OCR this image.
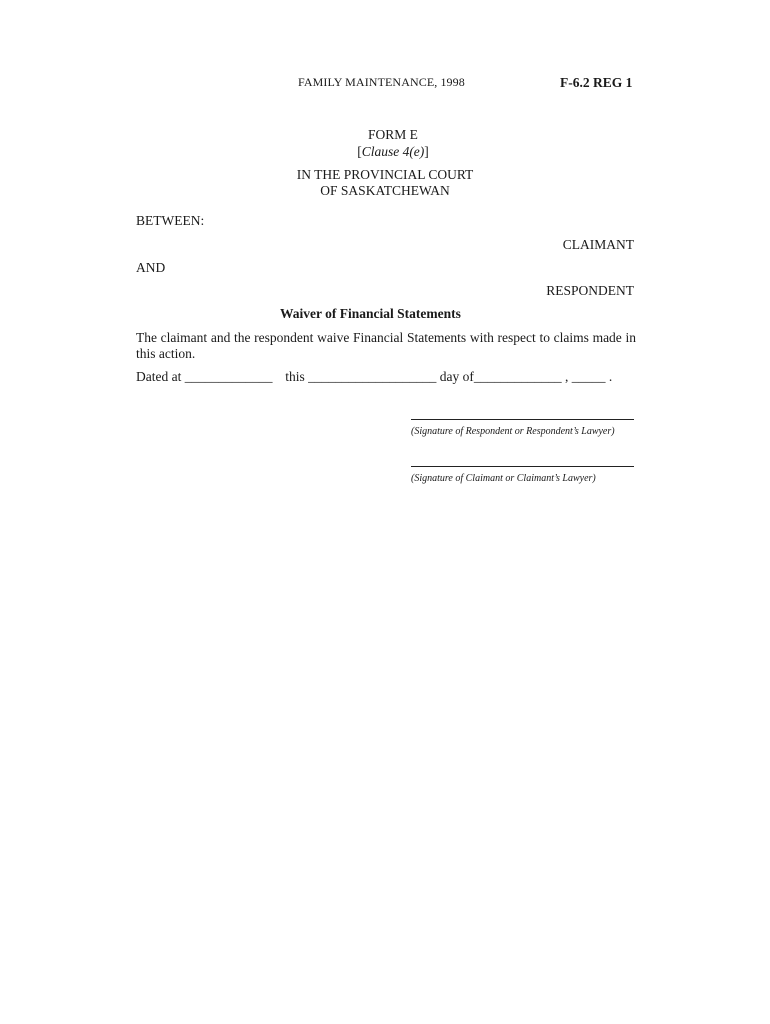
FAMILY MAINTENANCE, 1998	F-6.2 REG 1
FORM E
[Clause 4(e)]
IN THE PROVINCIAL COURT
OF SASKATCHEWAN
BETWEEN:
CLAIMANT
AND
RESPONDENT
Waiver of Financial Statements
The claimant and the respondent waive Financial Statements with respect to claims made in this action.
Dated at _____________ this ___________________ day of_____________ , _____ .
(Signature of Respondent or Respondent’s Lawyer)
(Signature of Claimant or Claimant’s Lawyer)
